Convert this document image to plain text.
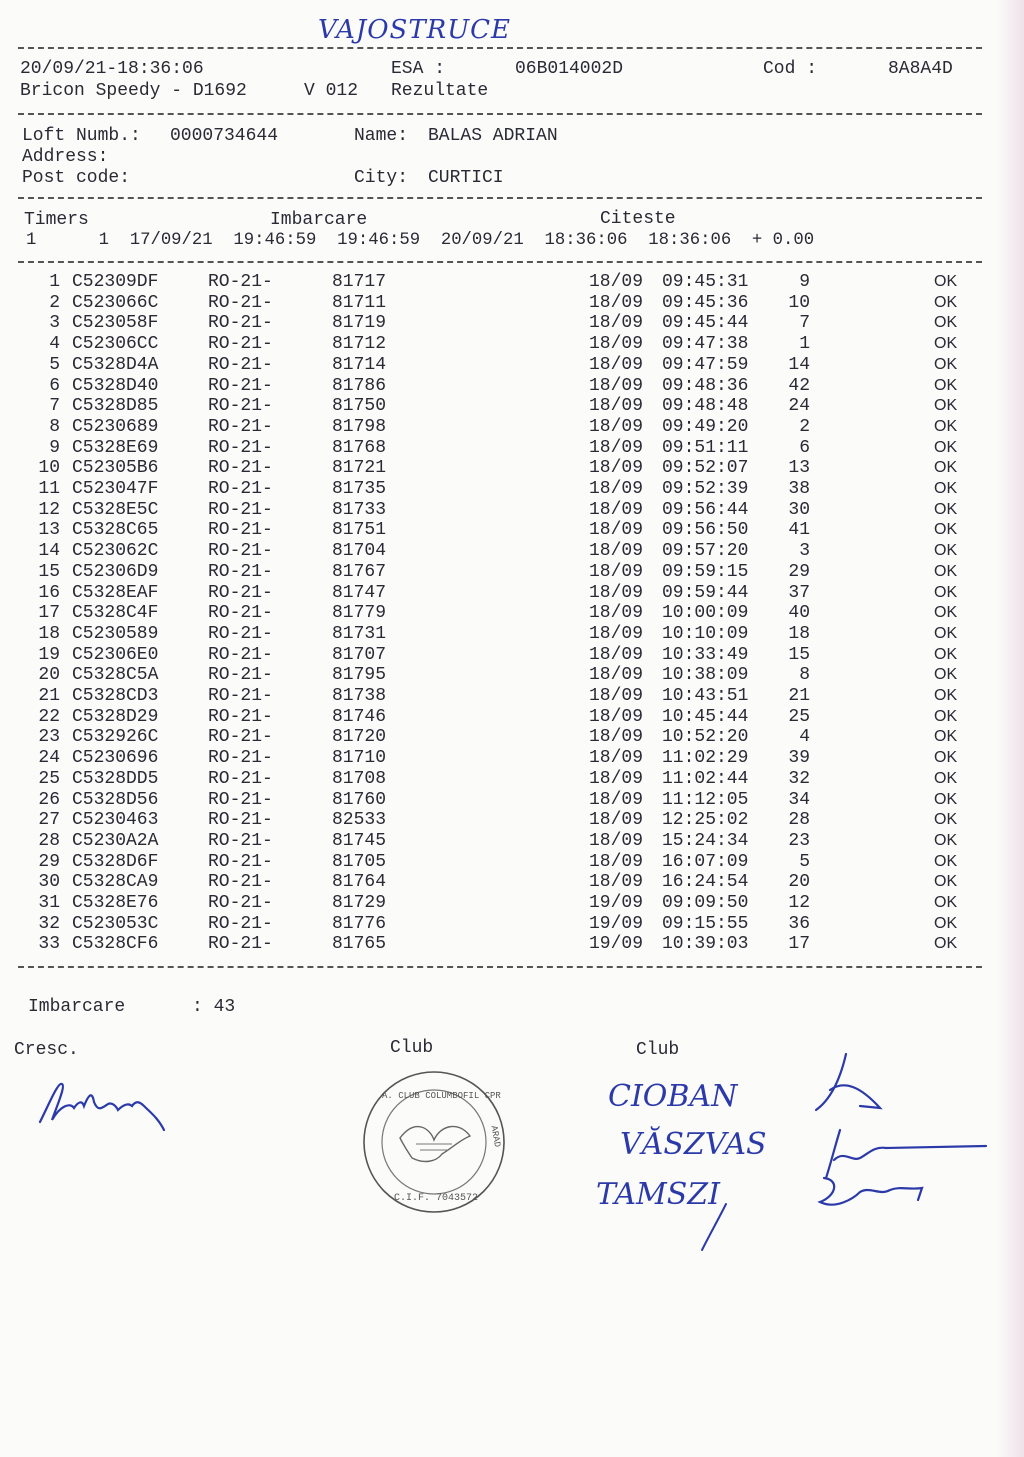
VAJOSTRUCE
20/09/21-18:36:06	ESA :	06B014002D	Cod :	8A8A4D
Bricon Speedy - D1692	V 012 Rezultate
Loft Numb.: 0000734644	Name: BALAS ADRIAN
Address:
Post code:	City: CURTICI
Timers	Imbarcare	Citeste
1      1  17/09/21  19:46:59  19:46:59  20/09/21  18:36:06  18:36:06  + 0.00
1 C52309DF	RO-21-	81717	18/09 09:45:31	9	OK
2 C523066C	RO-21-	81711	18/09 09:45:36	10	OK
3 C523058F	RO-21-	81719	18/09 09:45:44	7	OK
4 C52306CC	RO-21-	81712	18/09 09:47:38	1	OK
5 C5328D4A	RO-21-	81714	18/09 09:47:59	14	OK
6 C5328D40	RO-21-	81786	18/09 09:48:36	42	OK
7 C5328D85	RO-21-	81750	18/09 09:48:48	24	OK
8 C5230689	RO-21-	81798	18/09 09:49:20	2	OK
9 C5328E69	RO-21-	81768	18/09 09:51:11	6	OK
10 C52305B6	RO-21-	81721	18/09 09:52:07	13	OK
11 C523047F	RO-21-	81735	18/09 09:52:39	38	OK
12 C5328E5C	RO-21-	81733	18/09 09:56:44	30	OK
13 C5328C65	RO-21-	81751	18/09 09:56:50	41	OK
14 C523062C	RO-21-	81704	18/09 09:57:20	3	OK
15 C52306D9	RO-21-	81767	18/09 09:59:15	29	OK
16 C5328EAF	RO-21-	81747	18/09 09:59:44	37	OK
17 C5328C4F	RO-21-	81779	18/09 10:00:09	40	OK
18 C5230589	RO-21-	81731	18/09 10:10:09	18	OK
19 C52306E0	RO-21-	81707	18/09 10:33:49	15	OK
20 C5328C5A	RO-21-	81795	18/09 10:38:09	8	OK
21 C5328CD3	RO-21-	81738	18/09 10:43:51	21	OK
22 C5328D29	RO-21-	81746	18/09 10:45:44	25	OK
23 C532926C	RO-21-	81720	18/09 10:52:20	4	OK
24 C5230696	RO-21-	81710	18/09 11:02:29	39	OK
25 C5328DD5	RO-21-	81708	18/09 11:02:44	32	OK
26 C5328D56	RO-21-	81760	18/09 11:12:05	34	OK
27 C5230463	RO-21-	82533	18/09 12:25:02	28	OK
28 C5230A2A	RO-21-	81745	18/09 15:24:34	23	OK
29 C5328D6F	RO-21-	81705	18/09 16:07:09	5	OK
30 C5328CA9	RO-21-	81764	18/09 16:24:54	20	OK
31 C5328E76	RO-21-	81729	19/09 09:09:50	12	OK
32 C523053C	RO-21-	81776	19/09 09:15:55	36	OK
33 C5328CF6	RO-21-	81765	19/09 10:39:03	17	OK
Imbarcare	: 43
Cresc.	Club	Club
A. CLUB COLUMBOFIL CPR
ARAD
C.I.F. 7043572
CIOBAN
VĂSZVAS
TAMSZI
